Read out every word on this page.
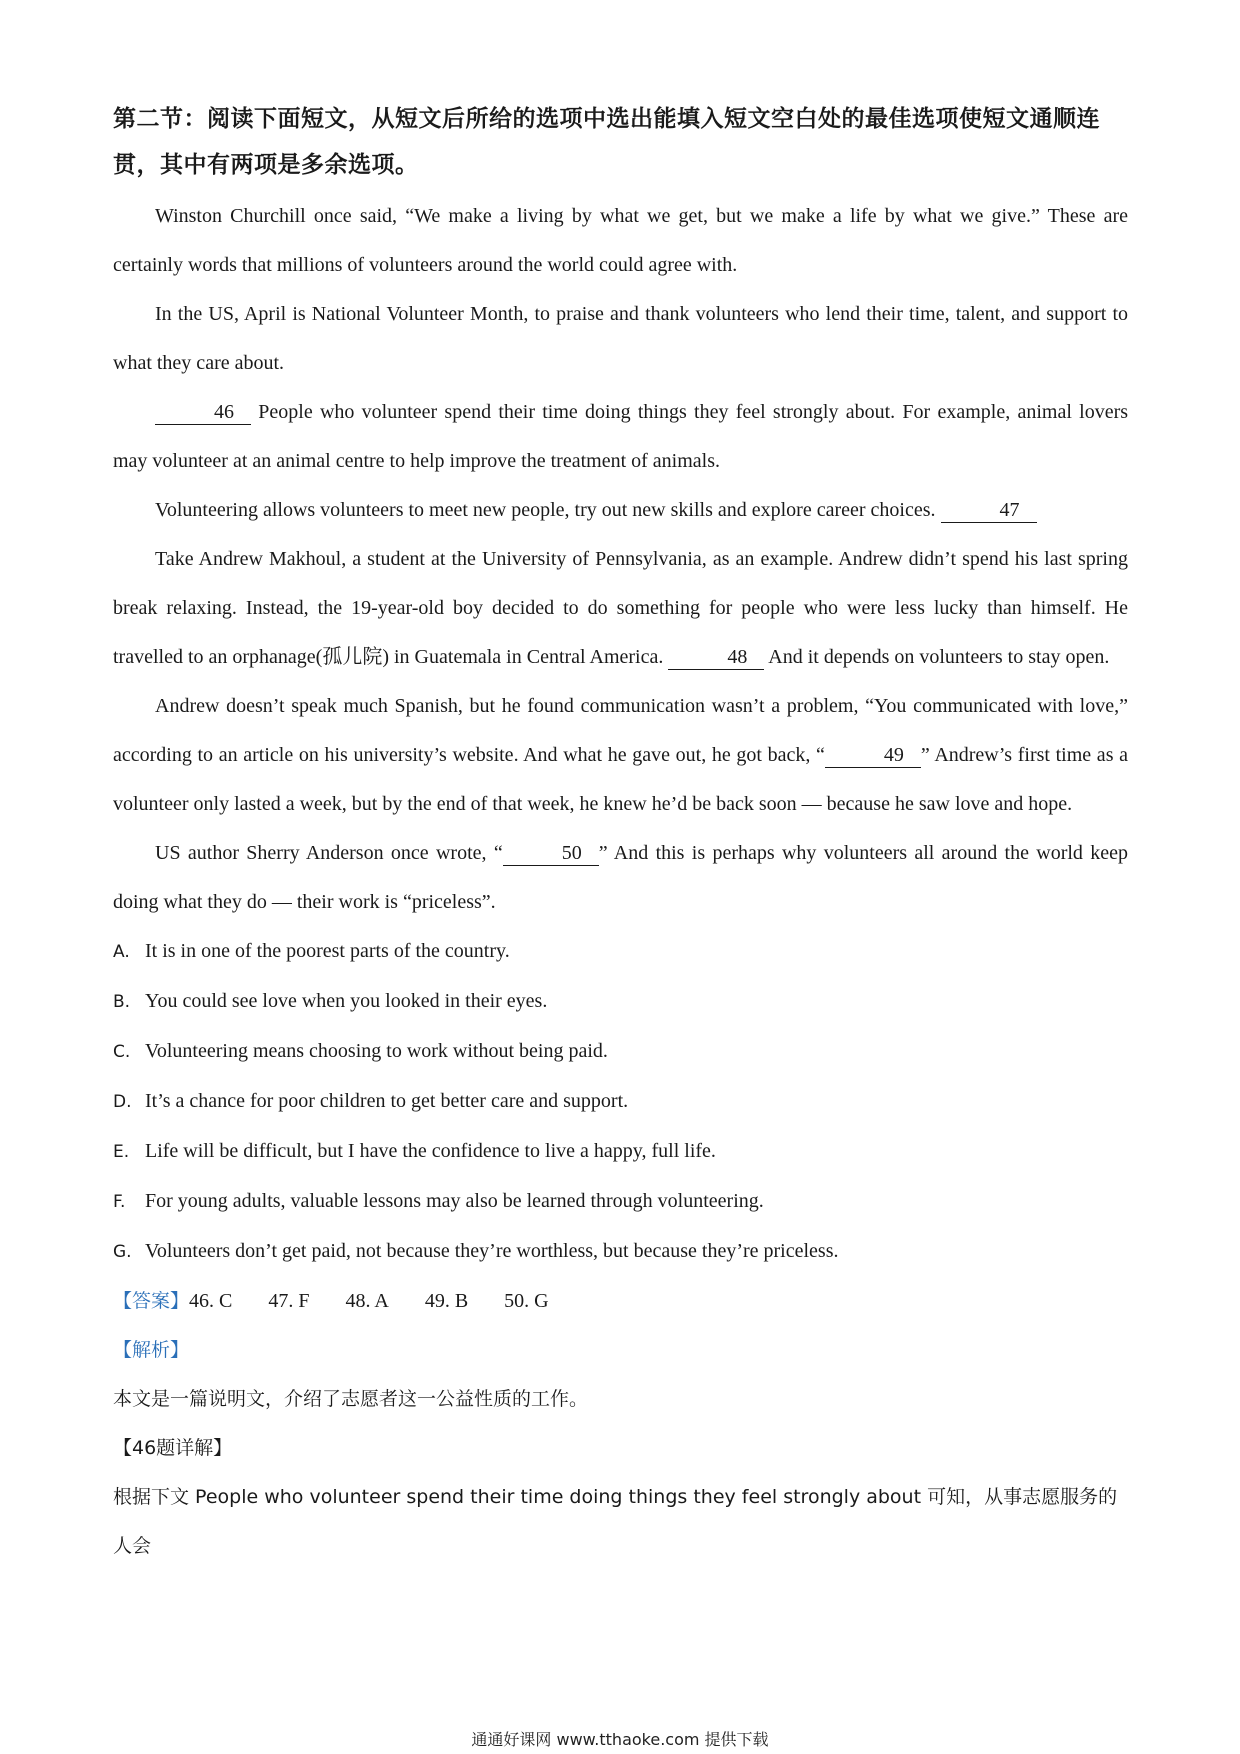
第二节：阅读下面短文，从短文后所给的选项中选出能填入短文空白处的最佳选项使短文通顺连贯，其中有两项是多余选项。

Winston Churchill once said, “We make a living by what we get, but we make a life by what we give.” These are certainly words that millions of volunteers around the world could agree with.

In the US, April is National Volunteer Month, to praise and thank volunteers who lend their time, talent, and support to what they care about.

46 People who volunteer spend their time doing things they feel strongly about. For example, animal lovers may volunteer at an animal centre to help improve the treatment of animals.

Volunteering allows volunteers to meet new people, try out new skills and explore career choices.	47

Take Andrew Makhoul, a student at the University of Pennsylvania, as an example. Andrew didn’t spend his last spring break relaxing. Instead, the 19-year-old boy decided to do something for people who were less lucky than himself. He travelled to an orphanage(孤儿院) in Guatemala in Central America.	48 And it depends on volunteers to stay open.

Andrew doesn’t speak much Spanish, but he found communication wasn’t a problem, “You communicated with love,” according to an article on his university’s website. And what he gave out, he got back, “	49 ” Andrew’s first time as a volunteer only lasted a week, but by the end of that week, he knew he’d be back soon — because he saw love and hope.

US author Sherry Anderson once wrote, “	50 ” And this is perhaps why volunteers all around the world keep doing what they do — their work is “priceless”.

A. It is in one of the poorest parts of the country.

B. You could see love when you looked in their eyes.

C. Volunteering means choosing to work without being paid.

D. It’s a chance for poor children to get better care and support.

E. Life will be difficult, but I have the confidence to live a happy, full life.

F. For young adults, valuable lessons may also be learned through volunteering.

G. Volunteers don’t get paid, not because they’re worthless, but because they’re priceless.

【答案】46. C 47. F 48. A 49. B 50. G

【解析】

本文是一篇说明文，介绍了志愿者这一公益性质的工作。

【46题详解】

根据下文 People who volunteer spend their time doing things they feel strongly about 可知，从事志愿服务的人会

通通好课网 www.tthaoke.com 提供下载
